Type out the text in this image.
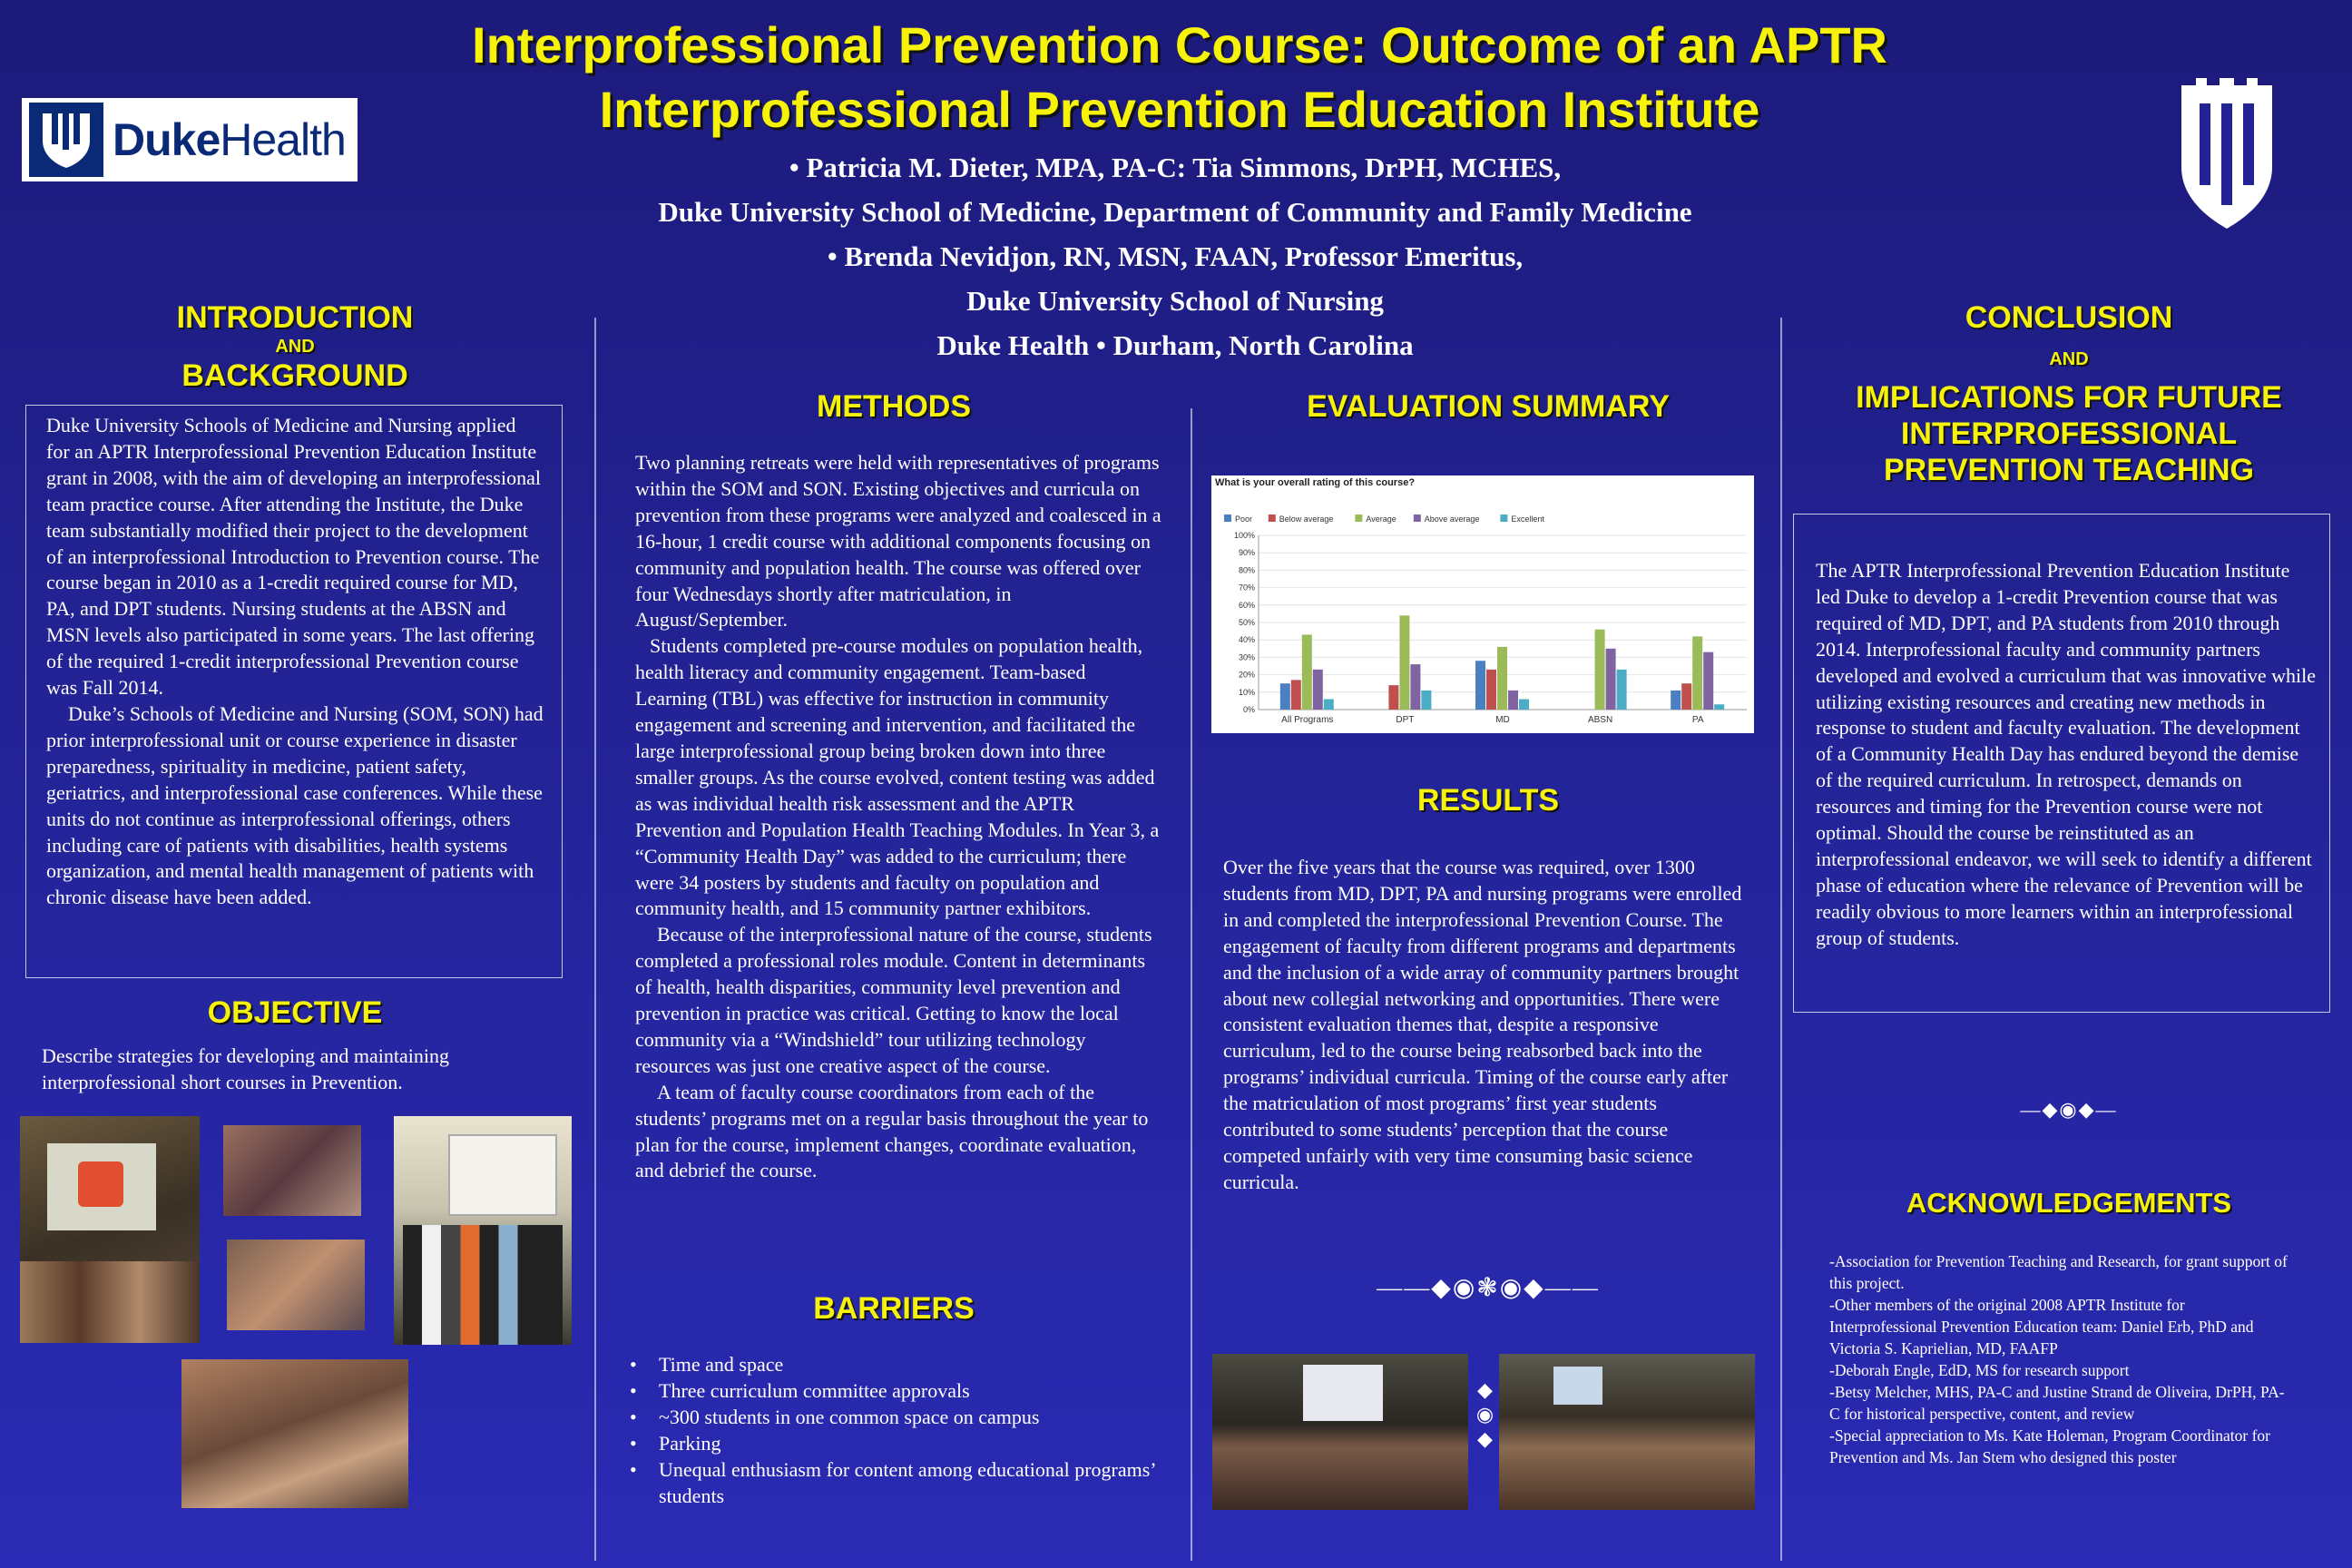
Interprofessional Prevention Course: Outcome of an APTR
Interprofessional Prevention Education Institute
DukeHealth
• Patricia M. Dieter, MPA, PA-C: Tia Simmons, DrPH, MCHES,
Duke University School of Medicine, Department of Community and Family Medicine
• Brenda Nevidjon, RN, MSN, FAAN, Professor Emeritus,
Duke University School of Nursing
Duke Health • Durham, North Carolina
INTRODUCTION
AND
BACKGROUND

Duke University Schools of Medicine and Nursing applied for an APTR Interprofessional Prevention Education Institute grant in 2008, with the aim of developing an interprofessional team practice course. After attending the Institute, the Duke team substantially modified their project to the development of an interprofessional Introduction to Prevention course. The course began in 2010 as a 1-credit required course for MD, PA, and DPT students. Nursing students at the ABSN and MSN levels also participated in some years. The last offering of the required 1-credit interprofessional Prevention course was Fall 2014.

Duke’s Schools of Medicine and Nursing (SOM, SON) had prior interprofessional unit or course experience in disaster preparedness, spirituality in medicine, patient safety, geriatrics, and interprofessional case conferences. While these units do not continue as interprofessional offerings, others including care of patients with disabilities, health systems organization, and mental health management of patients with chronic disease have been added.

OBJECTIVE
Describe strategies for developing and maintaining interprofessional short courses in Prevention.
METHODS

Two planning retreats were held with representatives of programs within the SOM and SON. Existing objectives and curricula on prevention from these programs were analyzed and coalesced in a 16-hour, 1 credit course with additional components focusing on community and population health. The course was offered over four Wednesdays shortly after matriculation, in August/September.

Students completed pre-course modules on population health, health literacy and community engagement. Team-based Learning (TBL) was effective for instruction in community engagement and screening and intervention, and facilitated the large interprofessional group being broken down into three smaller groups. As the course evolved, content testing was added as was individual health risk assessment and the APTR Prevention and Population Health Teaching Modules. In Year 3, a “Community Health Day” was added to the curriculum; there were 34 posters by students and faculty on population and community health, and 15 community partner exhibitors.

Because of the interprofessional nature of the course, students completed a professional roles module. Content in determinants of health, health disparities, community level prevention and prevention in practice was critical. Getting to know the local community via a “Windshield” tour utilizing technology resources was just one creative aspect of the course.

A team of faculty course coordinators from each of the students’ programs met on a regular basis throughout the year to plan for the course, implement changes, coordinate evaluation, and debrief the course.

BARRIERS
• Time and space
• Three curriculum committee approvals
• ~300 students in one common space on campus
• Parking
• Unequal enthusiasm for content among educational programs’ students
EVALUATION SUMMARY
What is your overall rating of this course?
Poor	Below average	Average	Above average	Excellent
0%
10%
20%
30%
40%
50%
60%
70%
80%
90%
100%
All Programs	DPT	MD	ABSN	PA
RESULTS
Over the five years that the course was required, over 1300 students from MD, DPT, PA and nursing programs were enrolled in and completed the interprofessional Prevention Course. The engagement of faculty from different programs and departments and the inclusion of a wide array of community partners brought about new collegial networking and opportunities. There were consistent evaluation themes that, despite a responsive curriculum, led to the course being reabsorbed back into the programs’ individual curricula. Timing of the course early after the matriculation of most programs’ first year students contributed to some students’ perception that the course competed unfairly with very time consuming basic science curricula.
——◆◉❃◉◆——
◆◉◆
CONCLUSION
AND
IMPLICATIONS FOR FUTURE INTERPROFESSIONAL PREVENTION TEACHING

The APTR Interprofessional Prevention Education Institute led Duke to develop a 1-credit Prevention course that was required of MD, DPT, and PA students from 2010 through 2014. Interprofessional faculty and community partners developed and evolved a curriculum that was innovative while utilizing existing resources and creating new methods in response to student and faculty evaluation. The development of a Community Health Day has endured beyond the demise of the required curriculum. In retrospect, demands on resources and timing for the Prevention course were not optimal. Should the course be reinstituted as an interprofessional endeavor, we will seek to identify a different phase of education where the relevance of Prevention will be readily obvious to more learners within an interprofessional group of students.

—◆◉◆—
ACKNOWLEDGEMENTS
-Association for Prevention Teaching and Research, for grant support of this project.
-Other members of the original 2008 APTR Institute for Interprofessional Prevention Education team: Daniel Erb, PhD and Victoria S. Kaprielian, MD, FAAFP
-Deborah Engle, EdD, MS for research support
-Betsy Melcher, MHS, PA-C and Justine Strand de Oliveira, DrPH, PA-C for historical perspective, content, and review
-Special appreciation to Ms. Kate Holeman, Program Coordinator for Prevention and Ms. Jan Stem who designed this poster
